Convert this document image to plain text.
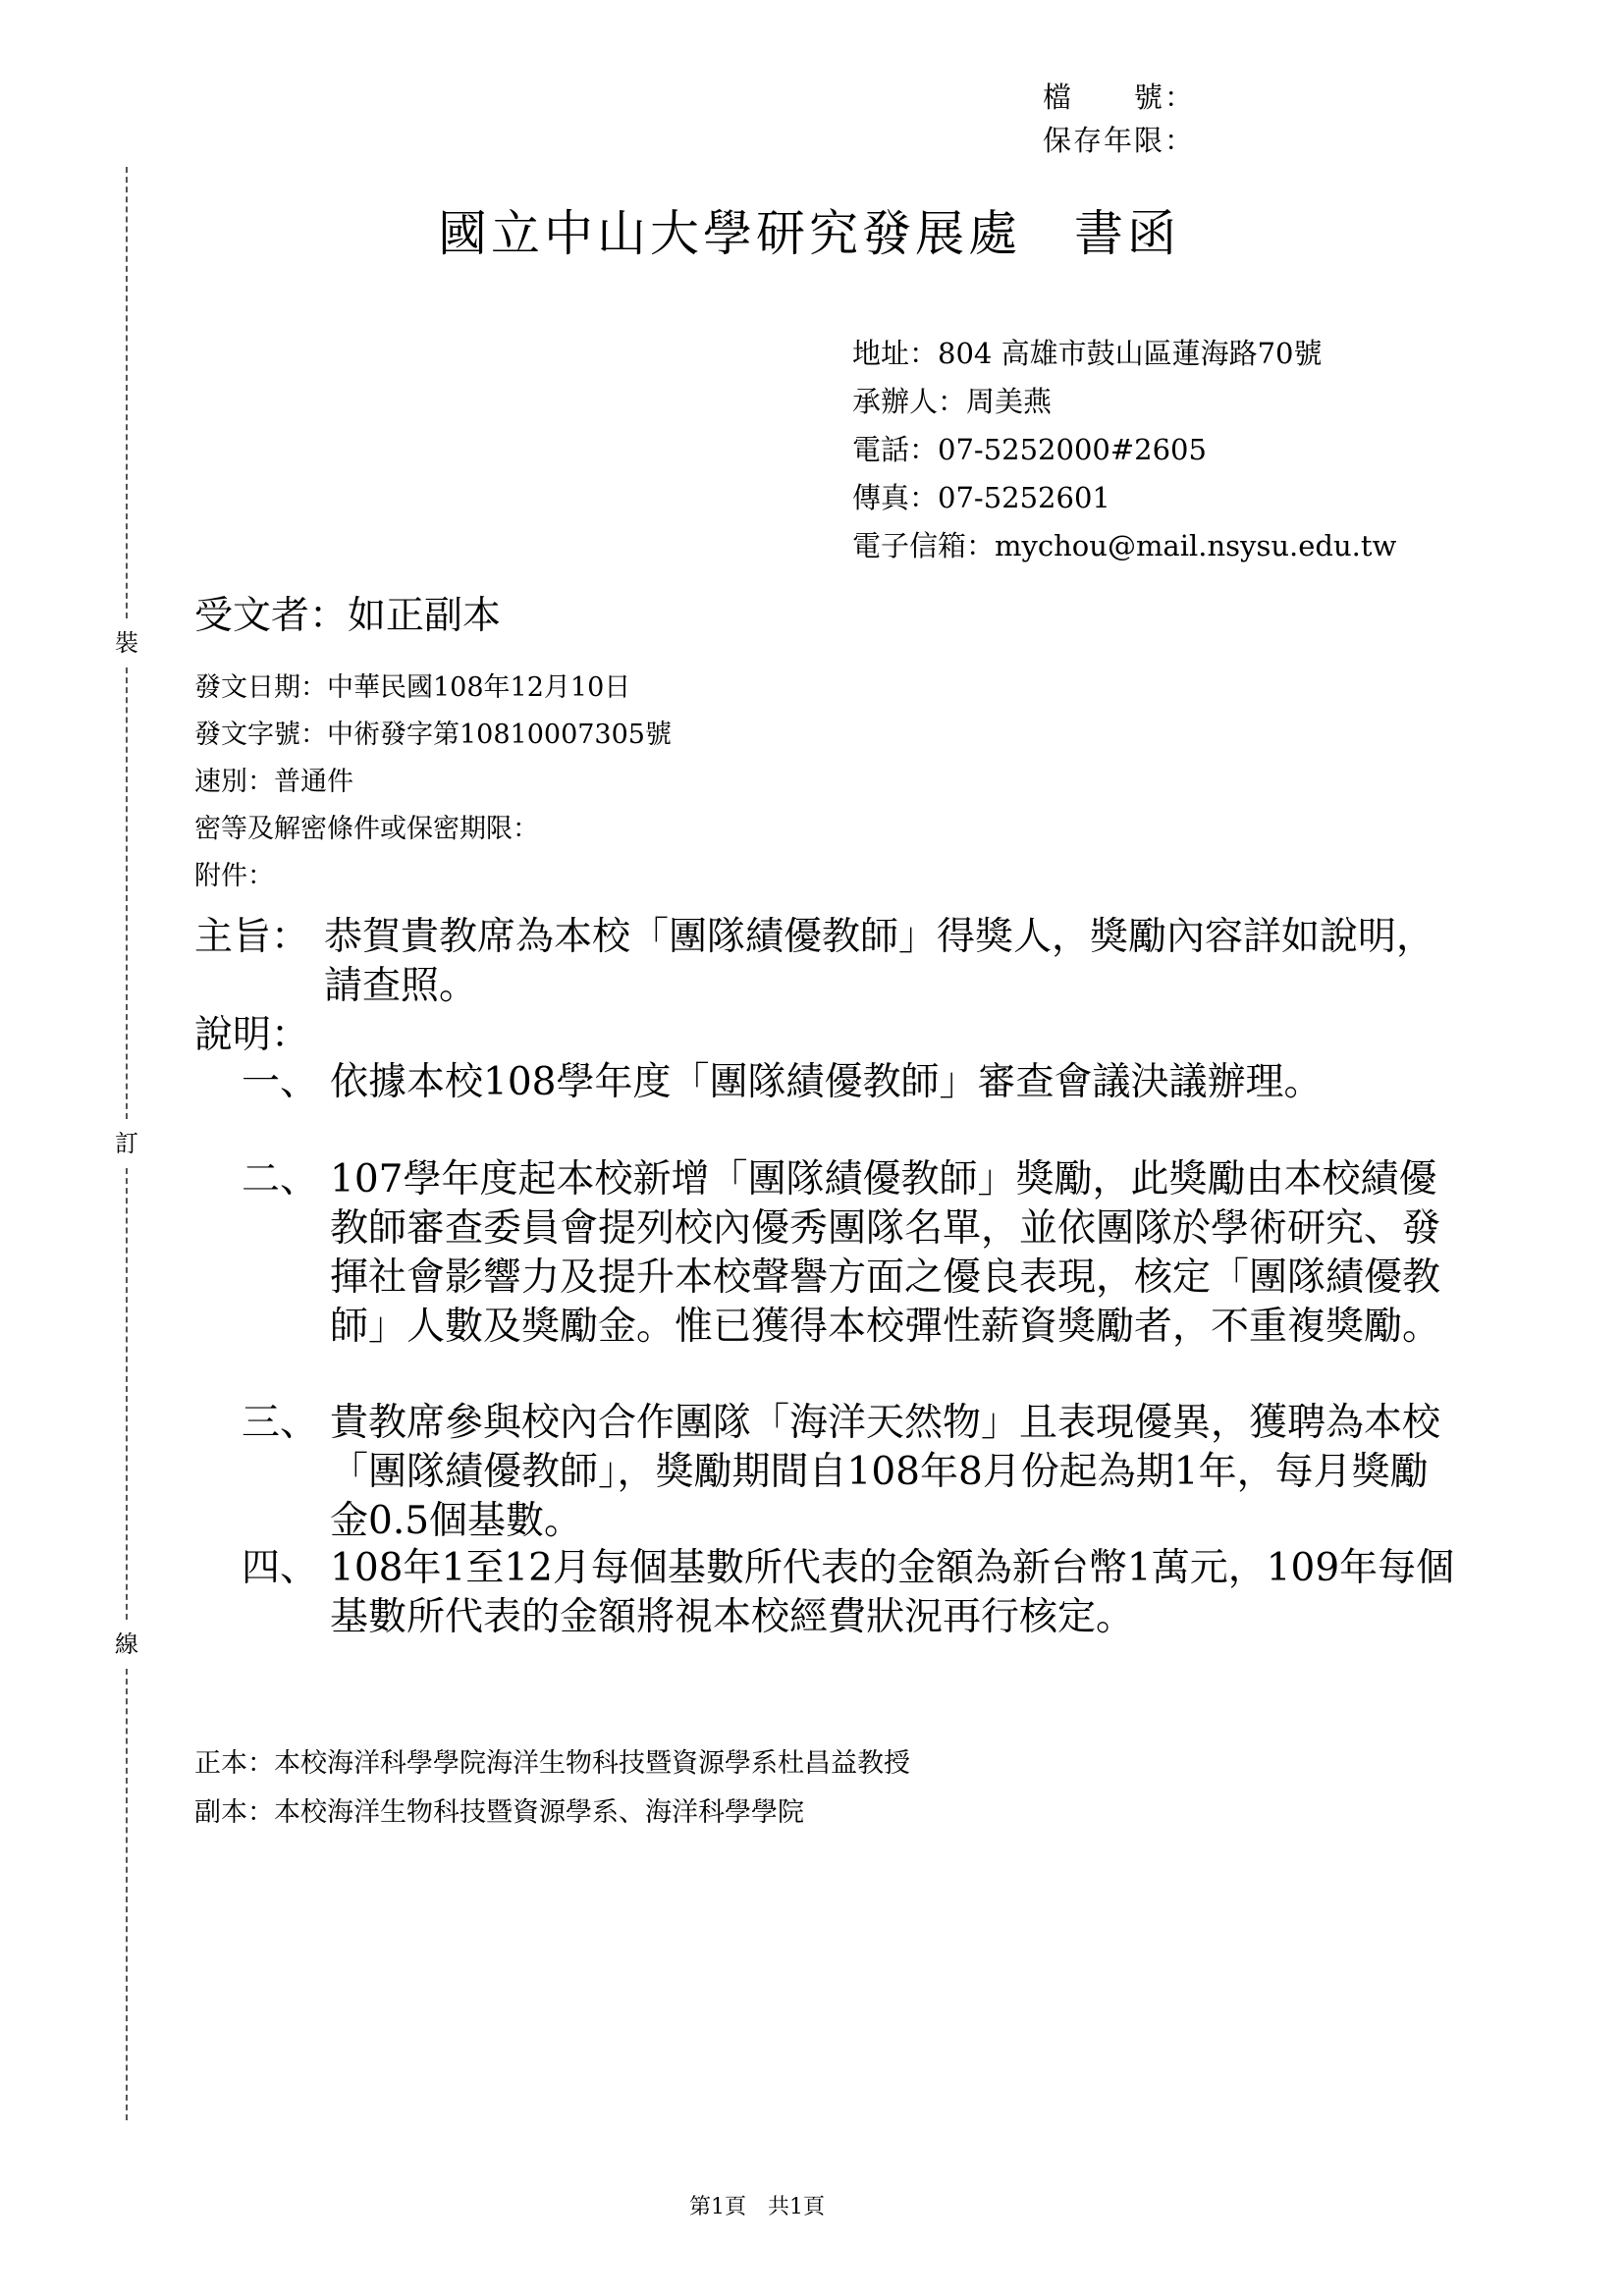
檔　　號：
保存年限：
裝
訂
線
國立中山大學研究發展處　書函
地址：804 高雄市鼓山區蓮海路70號
承辦人：周美燕
電話：07-5252000#2605
傳真：07-5252601
電子信箱：mychou@mail.nsysu.edu.tw
受文者：如正副本
發文日期：中華民國108年12月10日
發文字號：中術發字第10810007305號
速別：普通件
密等及解密條件或保密期限：
附件：
主旨： 恭賀貴教席為本校「團隊績優教師」得獎人，獎勵內容詳如說明，請查照。
說明：
一、 依據本校108學年度「團隊績優教師」審查會議決議辦理。
二、 107學年度起本校新增「團隊績優教師」獎勵，此獎勵由本校績優教師審查委員會提列校內優秀團隊名單，並依團隊於學術研究、發揮社會影響力及提升本校聲譽方面之優良表現，核定「團隊績優教師」人數及獎勵金。惟已獲得本校彈性薪資獎勵者，不重複獎勵。
三、 貴教席參與校內合作團隊「海洋天然物」且表現優異，獲聘為本校「團隊績優教師」，獎勵期間自108年8月份起為期1年，每月獎勵金0.5個基數。
四、 108年1至12月每個基數所代表的金額為新台幣1萬元，109年每個基數所代表的金額將視本校經費狀況再行核定。
正本：本校海洋科學學院海洋生物科技暨資源學系杜昌益教授
副本：本校海洋生物科技暨資源學系、海洋科學學院
第1頁　共1頁
